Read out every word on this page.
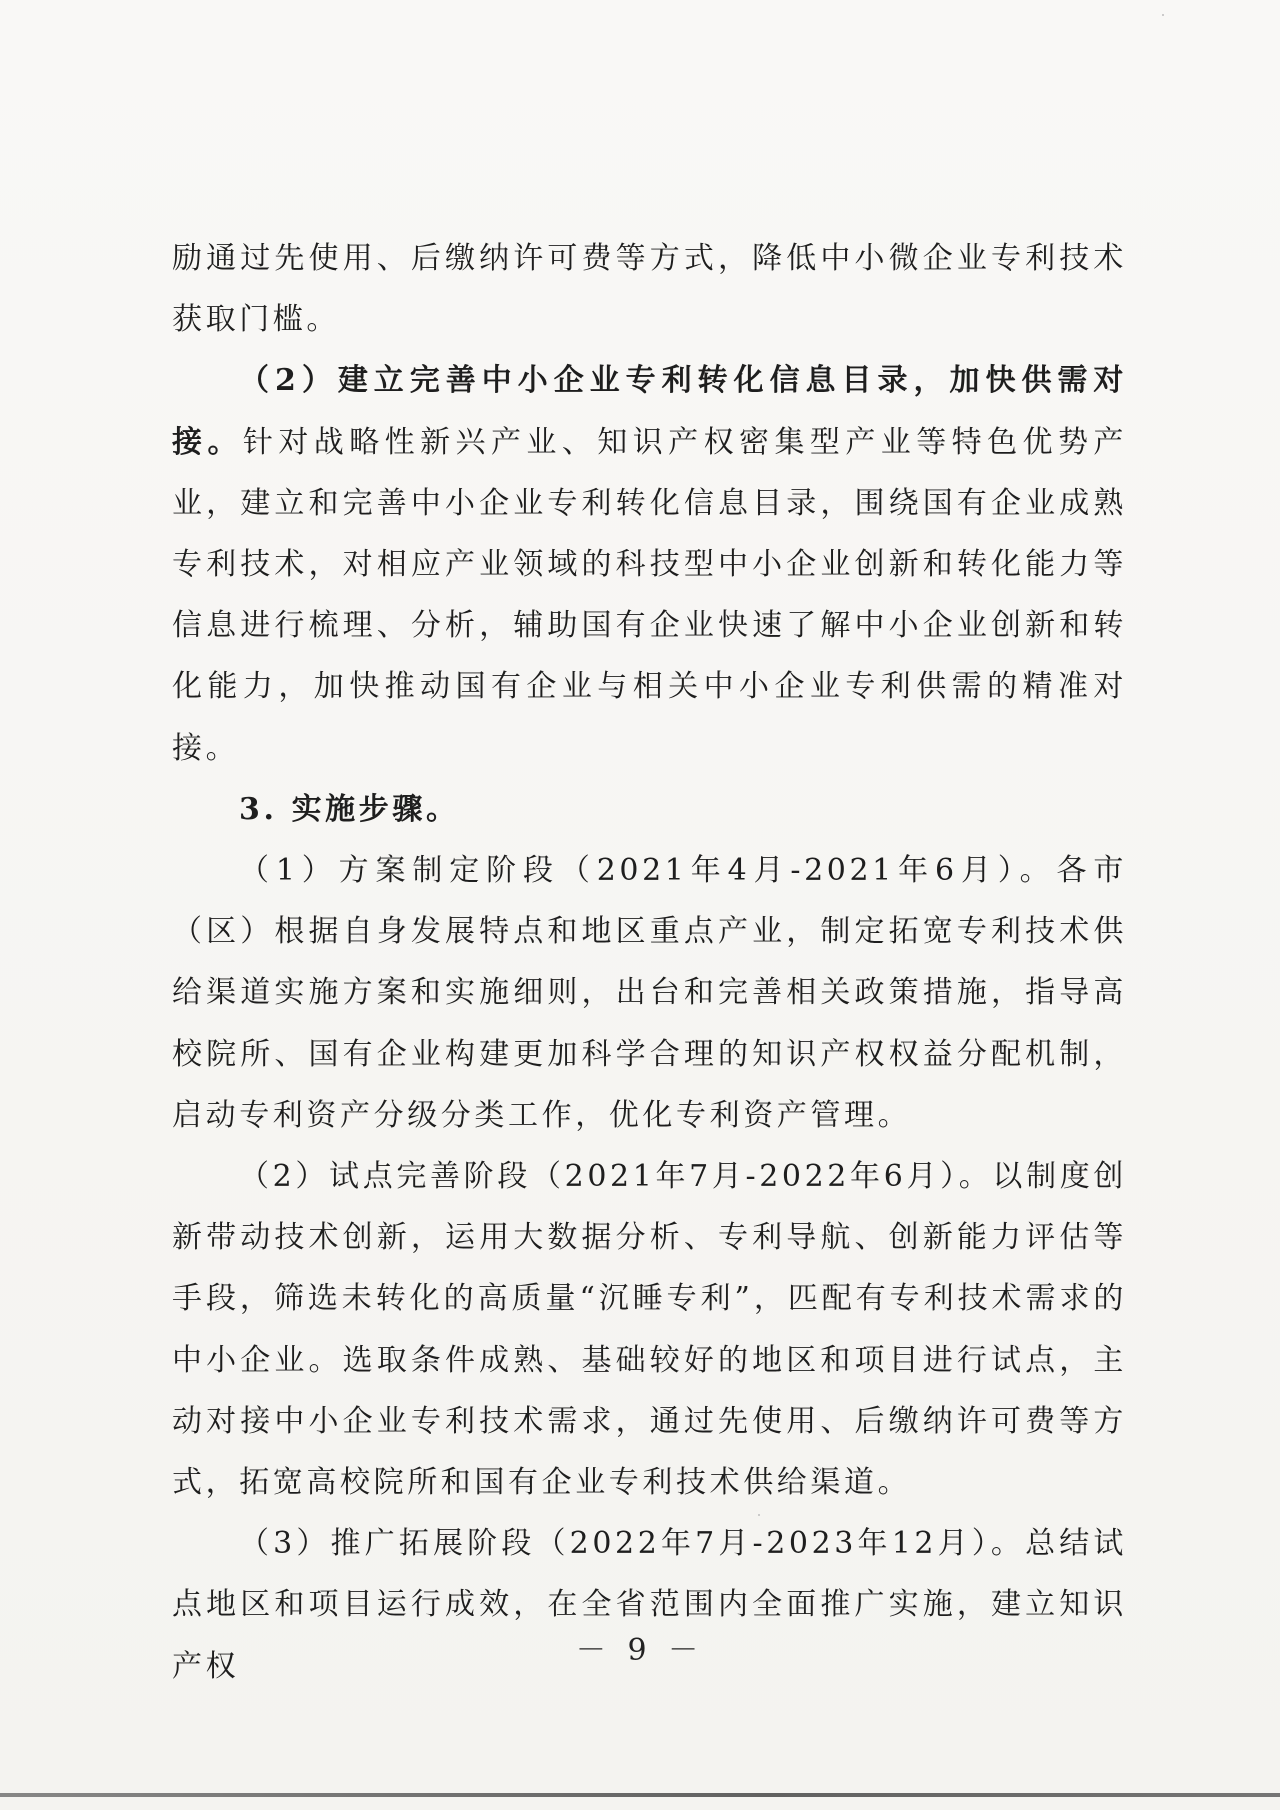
励通过先使用、后缴纳许可费等方式，降低中小微企业专利技术获取门槛。

（2）建立完善中小企业专利转化信息目录，加快供需对接。针对战略性新兴产业、知识产权密集型产业等特色优势产业，建立和完善中小企业专利转化信息目录，围绕国有企业成熟专利技术，对相应产业领域的科技型中小企业创新和转化能力等信息进行梳理、分析，辅助国有企业快速了解中小企业创新和转化能力，加快推动国有企业与相关中小企业专利供需的精准对接。

3. 实施步骤。

（1）方案制定阶段（2021年4月-2021年6月）。各市（区）根据自身发展特点和地区重点产业，制定拓宽专利技术供给渠道实施方案和实施细则，出台和完善相关政策措施，指导高校院所、国有企业构建更加科学合理的知识产权权益分配机制，启动专利资产分级分类工作，优化专利资产管理。

（2）试点完善阶段（2021年7月-2022年6月）。以制度创新带动技术创新，运用大数据分析、专利导航、创新能力评估等手段，筛选未转化的高质量“沉睡专利”，匹配有专利技术需求的中小企业。选取条件成熟、基础较好的地区和项目进行试点，主动对接中小企业专利技术需求，通过先使用、后缴纳许可费等方式，拓宽高校院所和国有企业专利技术供给渠道。

（3）推广拓展阶段（2022年7月-2023年12月）。总结试点地区和项目运行成效，在全省范围内全面推广实施，建立知识产权	－ 9 －
